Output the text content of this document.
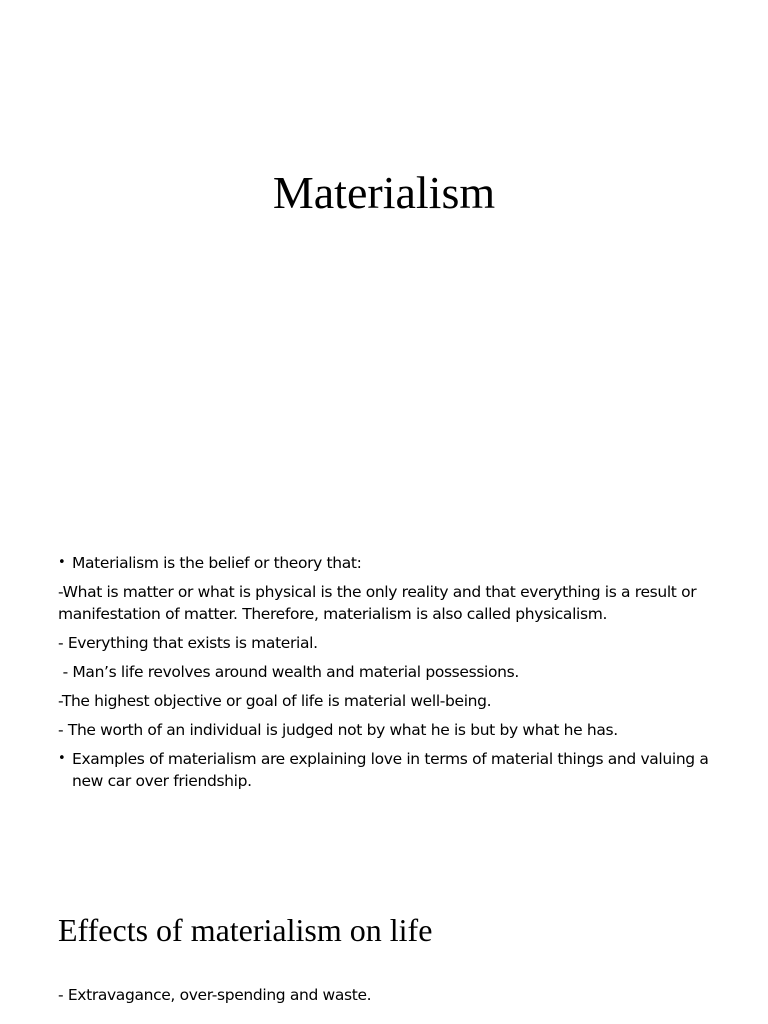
Materialism
• Materialism is the belief or theory that:

-What is matter or what is physical is the only reality and that everything is a result or manifestation of matter. Therefore, materialism is also called physicalism.

- Everything that exists is material.

- Man’s life revolves around wealth and material possessions.

-The highest objective or goal of life is material well-being.

- The worth of an individual is judged not by what he is but by what he has.

• Examples of materialism are explaining love in terms of material things and valuing a new car over friendship.
Effects of materialism on life

- Extravagance, over-spending and waste.
